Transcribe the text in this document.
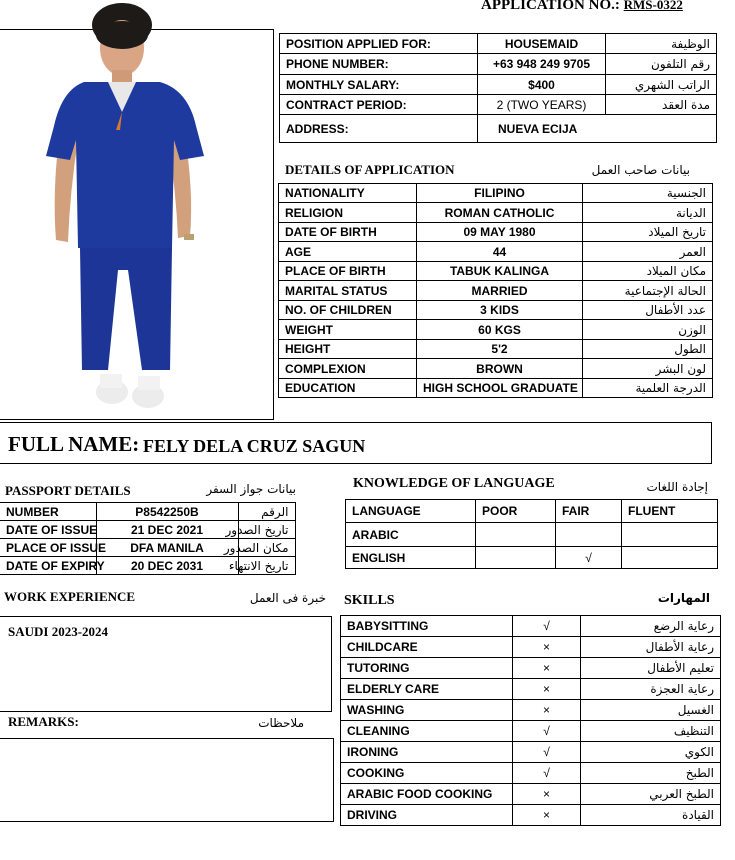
APPLICATION NO.: RMS-0322
POSITION APPLIED FOR:	HOUSEMAID	الوظيفة
PHONE NUMBER:	+63 948 249 9705	رقم التلفون
MONTHLY SALARY:	$400	الراتب الشهري
CONTRACT PERIOD:	2 (TWO YEARS)	مدة العقد
ADDRESS:	NUEVA ECIJA	
DETAILS OF APPLICATION	بيانات صاحب العمل
NATIONALITY	FILIPINO	الجنسية
RELIGION	ROMAN CATHOLIC	الديانة
DATE OF BIRTH	09 MAY 1980	تاريخ الميلاد
AGE	44	العمر
PLACE OF BIRTH	TABUK KALINGA	مكان الميلاد
MARITAL STATUS	MARRIED	الحالة الإجتماعية
NO. OF CHILDREN	3 KIDS	عدد الأطفال
WEIGHT	60 KGS	الوزن
HEIGHT	5'2	الطول
COMPLEXION	BROWN	لون البشر
EDUCATION	HIGH SCHOOL GRADUATE	الدرجة العلمية
FULL NAME: FELY DELA CRUZ SAGUN
PASSPORT DETAILS	بيانات جواز السفر
NUMBER	P8542250B	الرقم
DATE OF ISSUE	21 DEC 2021	تاريخ الصدور
PLACE OF ISSUE	DFA MANILA	مكان الصدور
DATE OF EXPIRY	20 DEC 2031	تاريخ الانتهاء
KNOWLEDGE OF LANGUAGE	إجادة اللغات
LANGUAGE	POOR	FAIR	FLUENT
ARABIC			
ENGLISH		√	
WORK EXPERIENCE	خبرة فى العمل
SAUDI 2023-2024
REMARKS:	ملاحظات
SKILLS	المهارات
BABYSITTING	√	رعاية الرضع
CHILDCARE	×	رعاية الأطفال
TUTORING	×	تعليم الأطفال
ELDERLY CARE	×	رعاية العجزة
WASHING	×	الغسيل
CLEANING	√	التنظيف
IRONING	√	الكوي
COOKING	√	الطبخ
ARABIC FOOD COOKING	×	الطبخ العربي
DRIVING	×	القيادة
